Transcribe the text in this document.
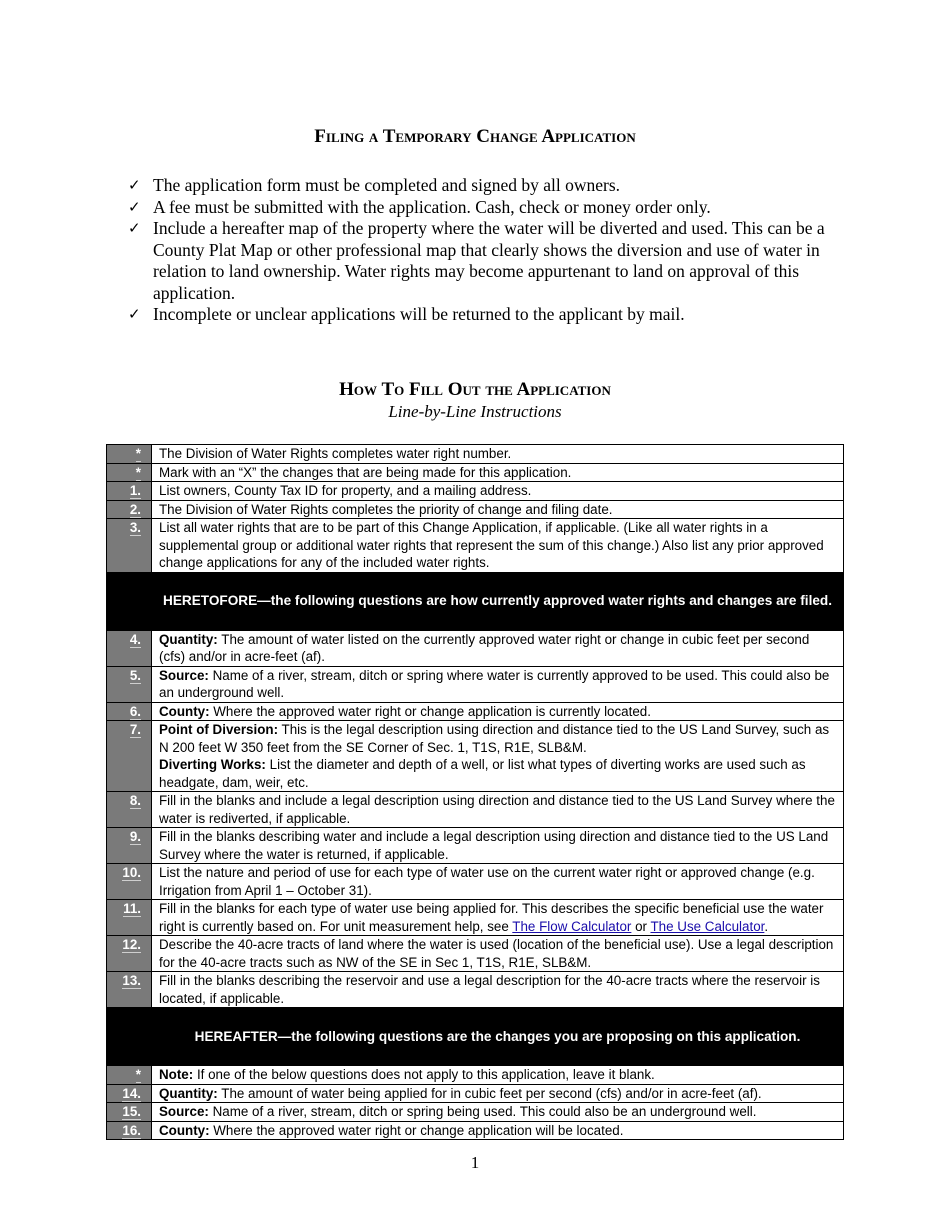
Filing a Temporary Change Application
✓ The application form must be completed and signed by all owners.
✓ A fee must be submitted with the application. Cash, check or money order only.
✓ Include a hereafter map of the property where the water will be diverted and used. This can be a County Plat Map or other professional map that clearly shows the diversion and use of water in relation to land ownership. Water rights may become appurtenant to land on approval of this application.
✓ Incomplete or unclear applications will be returned to the applicant by mail.
How To Fill Out the Application
Line-by-Line Instructions
*	The Division of Water Rights completes water right number.
*	Mark with an “X” the changes that are being made for this application.
1.	List owners, County Tax ID for property, and a mailing address.
2.	The Division of Water Rights completes the priority of change and filing date.
3.	List all water rights that are to be part of this Change Application, if applicable. (Like all water rights in a supplemental group or additional water rights that represent the sum of this change.) Also list any prior approved change applications for any of the included water rights.
	HERETOFORE—the following questions are how currently approved water rights and changes are filed.
4.	Quantity: The amount of water listed on the currently approved water right or change in cubic feet per second (cfs) and/or in acre-feet (af).
5.	Source: Name of a river, stream, ditch or spring where water is currently approved to be used. This could also be an underground well.
6.	County: Where the approved water right or change application is currently located.
7.	Point of Diversion: This is the legal description using direction and distance tied to the US Land Survey, such as N 200 feet W 350 feet from the SE Corner of Sec. 1, T1S, R1E, SLB&M.
Diverting Works: List the diameter and depth of a well, or list what types of diverting works are used such as headgate, dam, weir, etc.
8.	Fill in the blanks and include a legal description using direction and distance tied to the US Land Survey where the water is rediverted, if applicable.
9.	Fill in the blanks describing water and include a legal description using direction and distance tied to the US Land Survey where the water is returned, if applicable.
10.	List the nature and period of use for each type of water use on the current water right or approved change (e.g. Irrigation from April 1 – October 31).
11.	Fill in the blanks for each type of water use being applied for. This describes the specific beneficial use the water right is currently based on. For unit measurement help, see The Flow Calculator or The Use Calculator.
12.	Describe the 40-acre tracts of land where the water is used (location of the beneficial use). Use a legal description for the 40-acre tracts such as NW of the SE in Sec 1, T1S, R1E, SLB&M.
13.	Fill in the blanks describing the reservoir and use a legal description for the 40-acre tracts where the reservoir is located, if applicable.
	HEREAFTER—the following questions are the changes you are proposing on this application.
*	Note: If one of the below questions does not apply to this application, leave it blank.
14.	Quantity: The amount of water being applied for in cubic feet per second (cfs) and/or in acre-feet (af).
15.	Source: Name of a river, stream, ditch or spring being used. This could also be an underground well.
16.	County: Where the approved water right or change application will be located.
1
